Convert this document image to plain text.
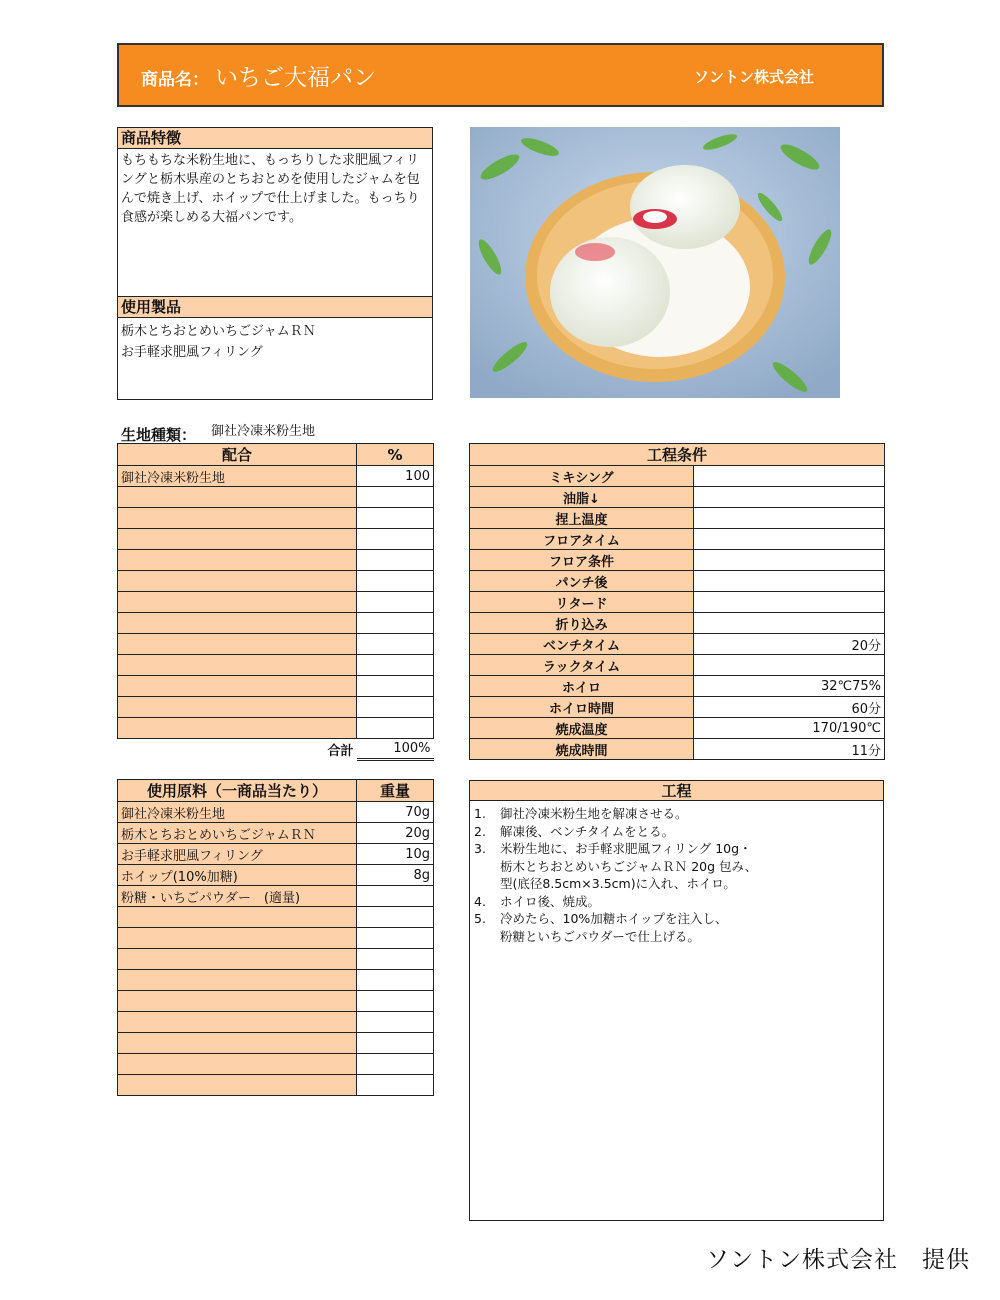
商品名： いちご大福パン	ソントン株式会社
商品特徴
もちもちな米粉生地に、もっちりした求肥風フィリングと栃木県産のとちおとめを使用したジャムを包んで焼き上げ、ホイップで仕上げました。もっちり食感が楽しめる大福パンです。
使用製品
栃木とちおとめいちごジャムＲＮ
お手軽求肥風フィリング
生地種類： 御社冷凍米粉生地
配合	%
御社冷凍米粉生地	100

合計	100%
工程条件	
ミキシング	
油脂↓	
捏上温度	
フロアタイム	
フロア条件	
パンチ後	
リタード	
折り込み	
ベンチタイム	20分
ラックタイム	
ホイロ	32℃75%
ホイロ時間	60分
焼成温度	170/190℃
焼成時間	11分
使用原料（一商品当たり）	重量
御社冷凍米粉生地	70g
栃木とちおとめいちごジャムＲＮ	20g
お手軽求肥風フィリング	10g
ホイップ(10%加糖)	8g
粉糖・いちごパウダー　(適量)	

工程
1.	御社冷凍米粉生地を解凍させる。
2.	解凍後、ベンチタイムをとる。
3.	米粉生地に、お手軽求肥風フィリング 10g・
栃木とちおとめいちごジャムＲＮ 20g 包み、
型(底径8.5cm×3.5cm)に入れ、ホイロ。
4.	ホイロ後、焼成。
5.	冷めたら、10%加糖ホイップを注入し、
粉糖といちごパウダーで仕上げる。
ソントン株式会社　提供
